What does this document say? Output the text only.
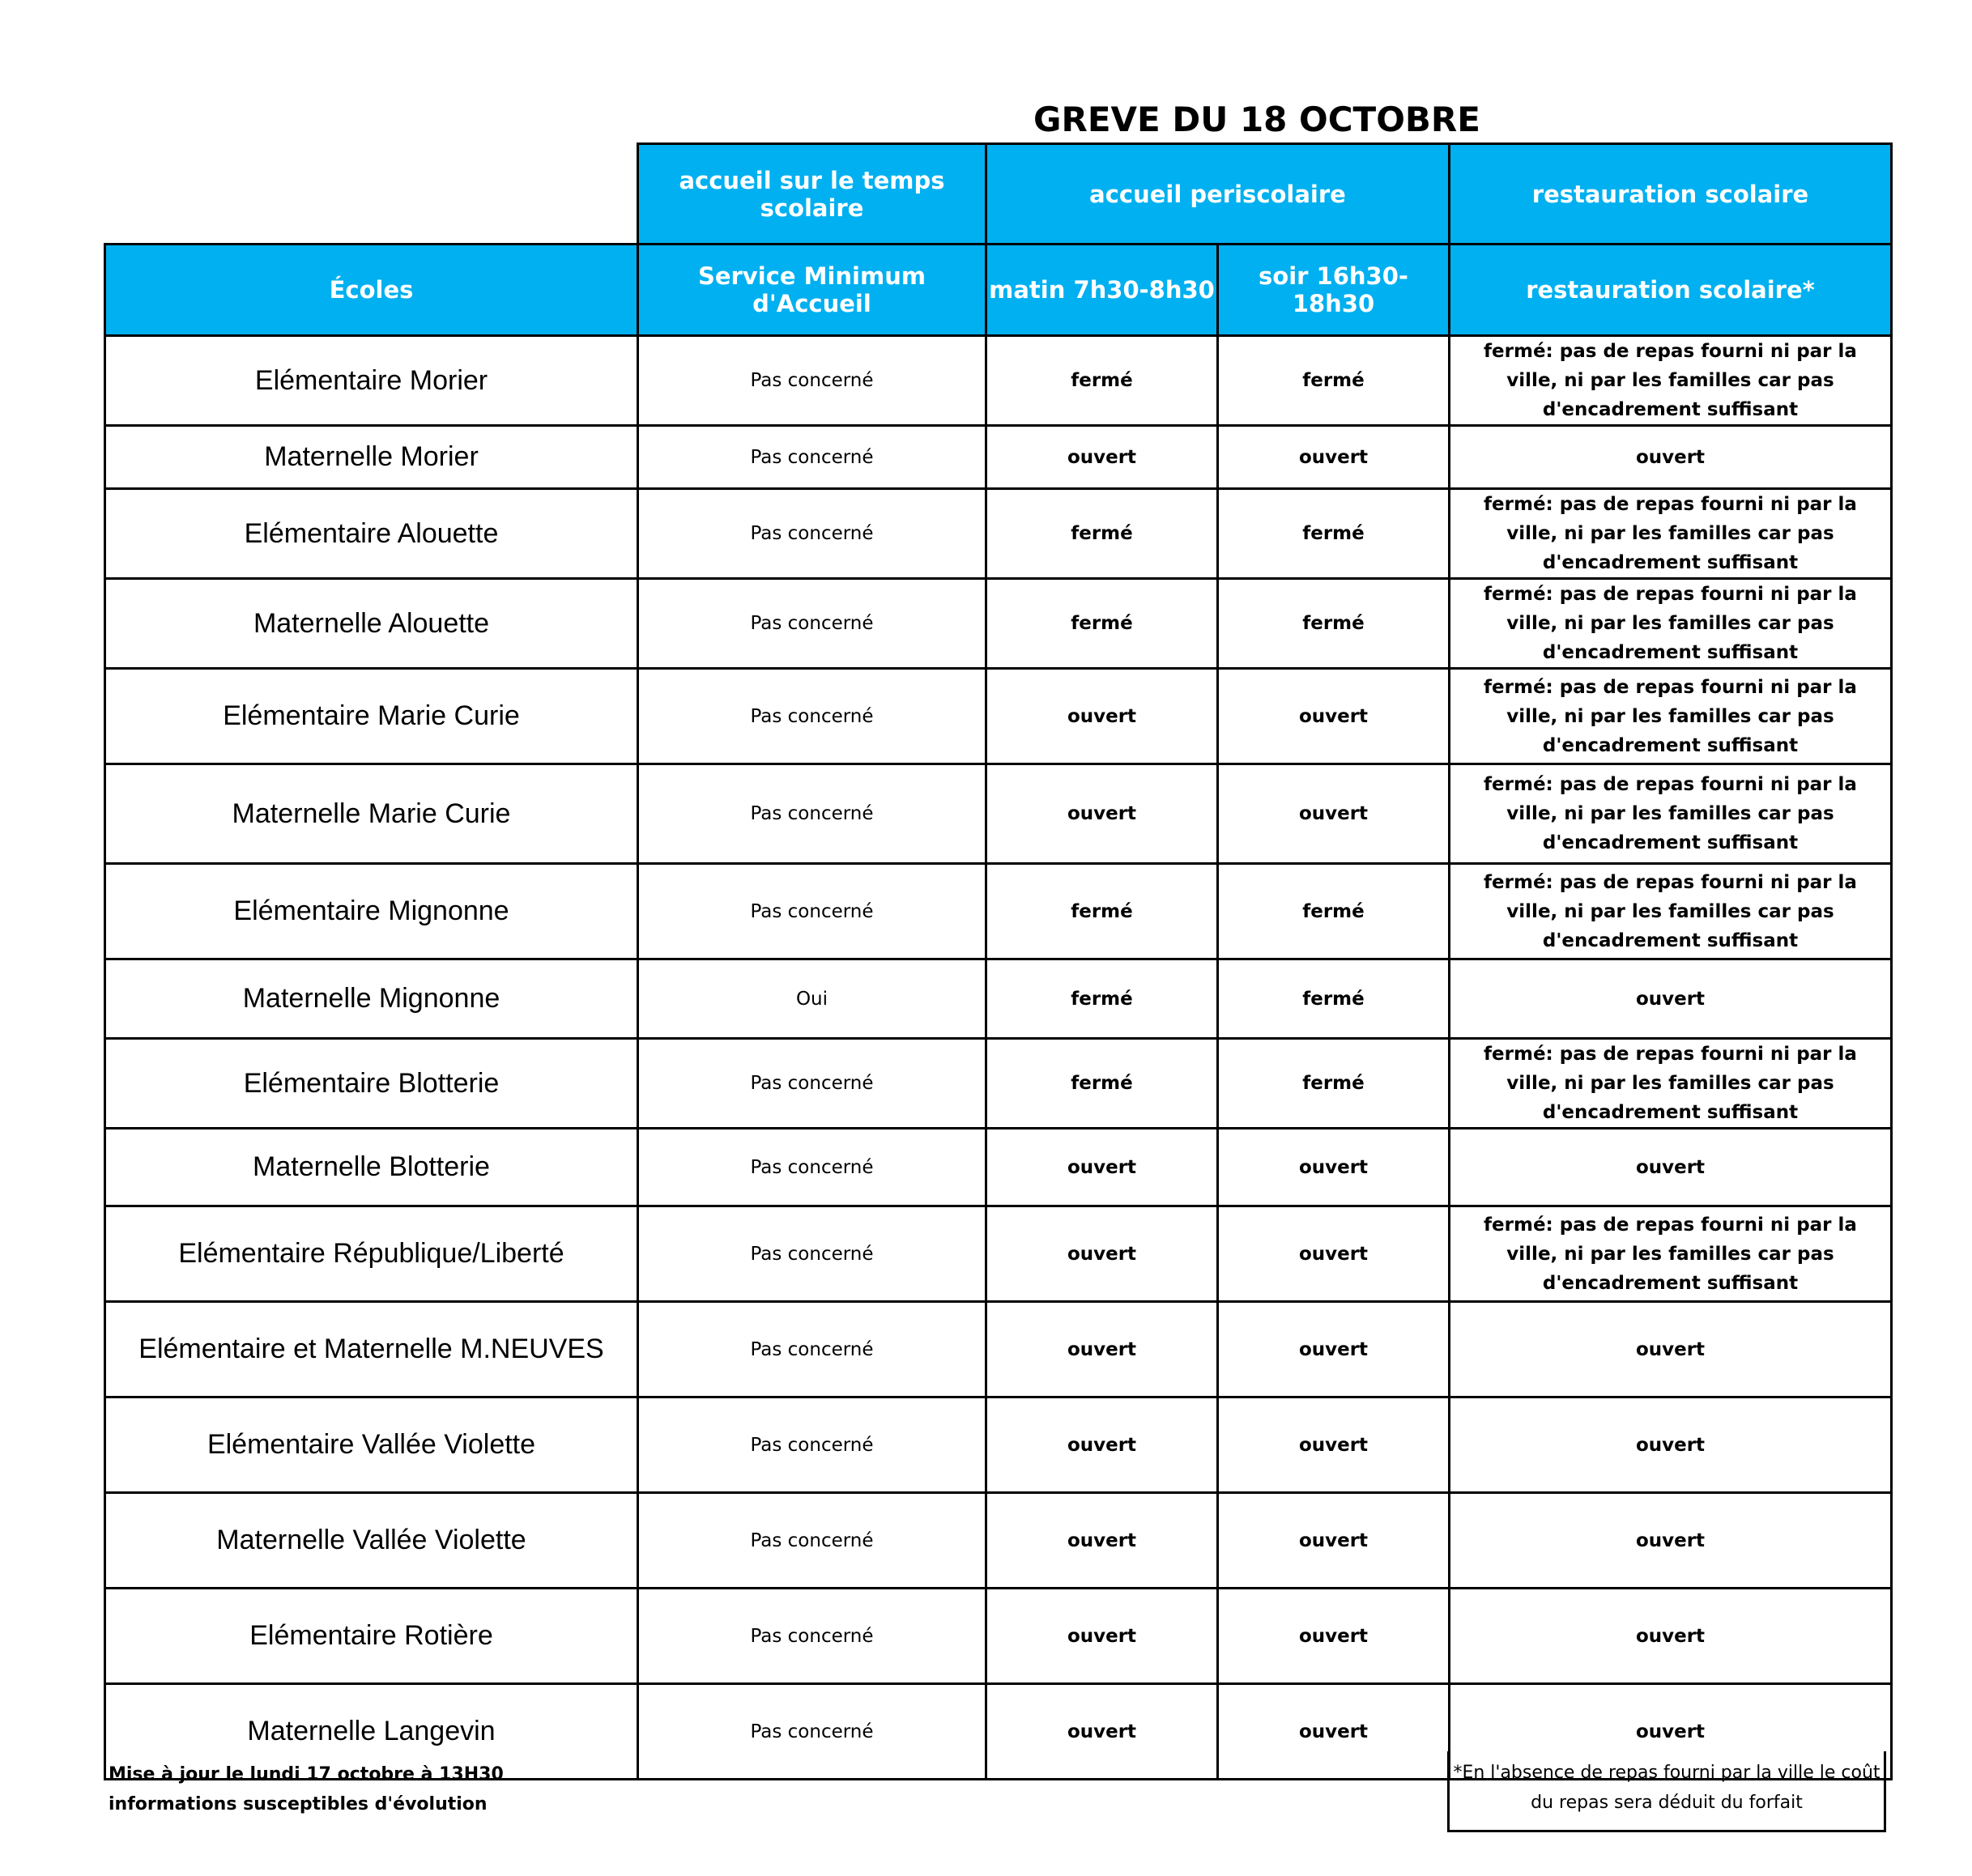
GREVE DU 18 OCTOBRE
	accueil sur le temps scolaire	accueil periscolaire		restauration scolaire
Écoles	Service Minimum d'Accueil	matin 7h30-8h30	soir 16h30-18h30	restauration scolaire*
Elémentaire Morier	Pas concerné	fermé	fermé	fermé: pas de repas fourni ni par la ville, ni par les familles car pas d'encadrement suffisant
Maternelle Morier	Pas concerné	ouvert	ouvert	ouvert
Elémentaire Alouette	Pas concerné	fermé	fermé	fermé: pas de repas fourni ni par la ville, ni par les familles car pas d'encadrement suffisant
Maternelle Alouette	Pas concerné	fermé	fermé	fermé: pas de repas fourni ni par la ville, ni par les familles car pas d'encadrement suffisant
Elémentaire Marie Curie	Pas concerné	ouvert	ouvert	fermé: pas de repas fourni ni par la ville, ni par les familles car pas d'encadrement suffisant
Maternelle Marie Curie	Pas concerné	ouvert	ouvert	fermé: pas de repas fourni ni par la ville, ni par les familles car pas d'encadrement suffisant
Elémentaire Mignonne	Pas concerné	fermé	fermé	fermé: pas de repas fourni ni par la ville, ni par les familles car pas d'encadrement suffisant
Maternelle Mignonne	Oui	fermé	fermé	ouvert
Elémentaire Blotterie	Pas concerné	fermé	fermé	fermé: pas de repas fourni ni par la ville, ni par les familles car pas d'encadrement suffisant
Maternelle Blotterie	Pas concerné	ouvert	ouvert	ouvert
Elémentaire République/Liberté	Pas concerné	ouvert	ouvert	fermé: pas de repas fourni ni par la ville, ni par les familles car pas d'encadrement suffisant
Elémentaire et Maternelle M.NEUVES	Pas concerné	ouvert	ouvert	ouvert
Elémentaire Vallée Violette	Pas concerné	ouvert	ouvert	ouvert
Maternelle Vallée Violette	Pas concerné	ouvert	ouvert	ouvert
Elémentaire Rotière	Pas concerné	ouvert	ouvert	ouvert
Maternelle Langevin	Pas concerné	ouvert	ouvert	ouvert
Mise à jour le lundi 17 octobre à 13H30
informations susceptibles d'évolution
*En l'absence de repas fourni par la ville le coût du repas sera déduit du forfait
